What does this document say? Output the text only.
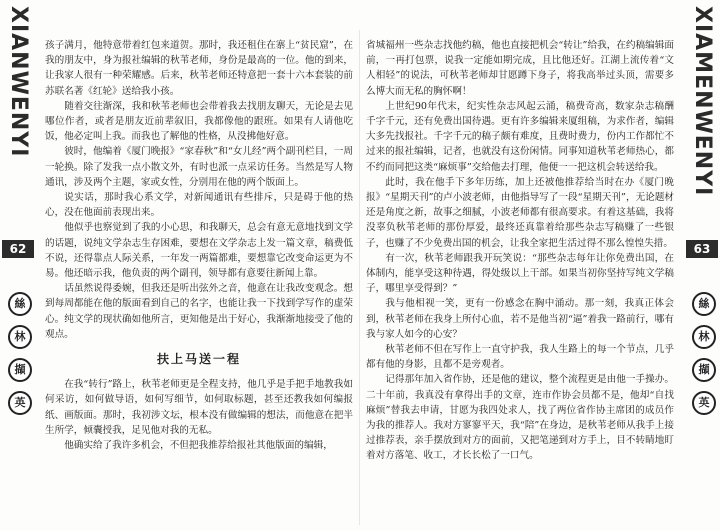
XIANWENYI
62
絲
林
擷
英

孩子满月，他特意带着红包来道贺。那时，我还租住在寨上“贫民窟”，在我的朋友中，身为报社编辑的秋苇老师，身份是最高的一位。他的到来，让我家人很有一种荣耀感。后来，秋苇老师还特意把一套十六本套装的前苏联名著《红轮》送给我小孩。

随着交往渐深，我和秋苇老师也会带着我去找朋友聊天，无论是去见哪位作者，或者是朋友近前辈叙旧，我都像他的跟班。如果有人请他吃饭，他必定叫上我。而我也了解他的性格，从没拂他好意。

彼时，他编着《厦门晚报》“家春秋”和“女儿经”两个副刊栏目，一周一轮换。除了发我一点小散文外，有时也派一点采访任务。当然是写人物通讯，涉及两个主题，家或女性，分别用在他的两个版面上。

说实话，那时我心系文学，对新闻通讯有些排斥，只是碍于他的热心，没在他面前表现出来。

他似乎也察觉到了我的小心思，和我聊天，总会有意无意地找到文学的话题，说纯文学杂志生存困难，要想在文学杂志上发一篇文章，稿费低不说，还得靠点人际关系，一年发一两篇都难，要想靠它改变命运更为不易。他还暗示我，他负责的两个副刊，领导都有意要往新闻上靠。

话虽然说得委婉，但我还是听出弦外之音，他意在让我改变观念。想到每周都能在他的版面看到自己的名字，也能让我一下找到学写作的虚荣心。纯文学的现状确如他所言，更知他是出于好心，我渐渐地接受了他的观点。

扶上马送一程

在我“转行”路上，秋苇老师更是全程支持，他几乎是手把手地教我如何采访，如何做导语，如何写细节，如何取标题，甚至还教我如何编报纸、画版面。那时，我初涉文坛，根本没有做编辑的想法，而他意在把半生所学，倾囊授我，足见他对我的无私。

他确实给了我许多机会，不但把我推荐给报社其他版面的编辑，

省城福州一些杂志找他约稿，他也直接把机会“转让”给我，在约稿编辑面前，一再打包票，说我一定能如期完成，且比他还好。江湖上流传着“文人相轻”的说法，可秋苇老师却甘愿蹲下身子，将我高举过头顶，需要多么博大而无私的胸怀啊！

上世纪90年代末，纪实性杂志风起云涌，稿费奇高，数家杂志稿酬千字千元，还有免费出国待遇。更有许多编辑来厦组稿，为求作者，编辑大多先找报社。千字千元的稿子颇有难度，且费时费力，份内工作都忙不过来的报社编辑，记者，也就没有这份闲情。同事知道秋苇老师热心，都不约而同把这类“麻烦事”交给他去打理，他便一一把这机会转送给我。

此时，我在他手下多年历练，加上还被他推荐给当时在办《厦门晚报》“星期天刊”的卢小波老师，由他指导写了一段“星期天刊”，无论题材还是角度之新，故事之细腻，小波老师都有很高要求。有着这基础，我将没辜负秋苇老师的那份厚爱，最终还真靠着给那些杂志写稿赚了一些银子，也赚了不少免费出国的机会，让我全家把生活过得不那么惶惶失措。

有一次，秋苇老师跟我开玩笑说：“那些杂志每年让你免费出国，在体制内，能享受这种待遇，得处级以上干部。如果当初你坚持写纯文学稿子，哪里享受得到？”

我与他相视一笑，更有一份感念在胸中涌动。那一刻，我真正体会到，秋苇老师在我身上所付心血，若不是他当初“逼”着我一路前行，哪有我与家人如今的心安？

秋苇老师不但在写作上一直守护我，我人生路上的每一个节点，几乎都有他的身影，且都不是旁观者。

记得那年加入省作协，还是他的建议，整个流程更是由他一手操办。二十年前，我真没有拿得出手的文章，连市作协会员都不是，他却“自找麻烦”替我去申请，甘愿为我四处求人，找了两位省作协主席团的成员作为我的推荐人。我对方寥寥平天，我“陪”在身边，是秋苇老师从我手上接过推荐表，亲手摆放到对方的面前，又把笔递到对方手上，目不转睛地盯着对方落笔、收工，才长长松了一口气。

XIAMENWENYI
63
絲
林
擷
英
